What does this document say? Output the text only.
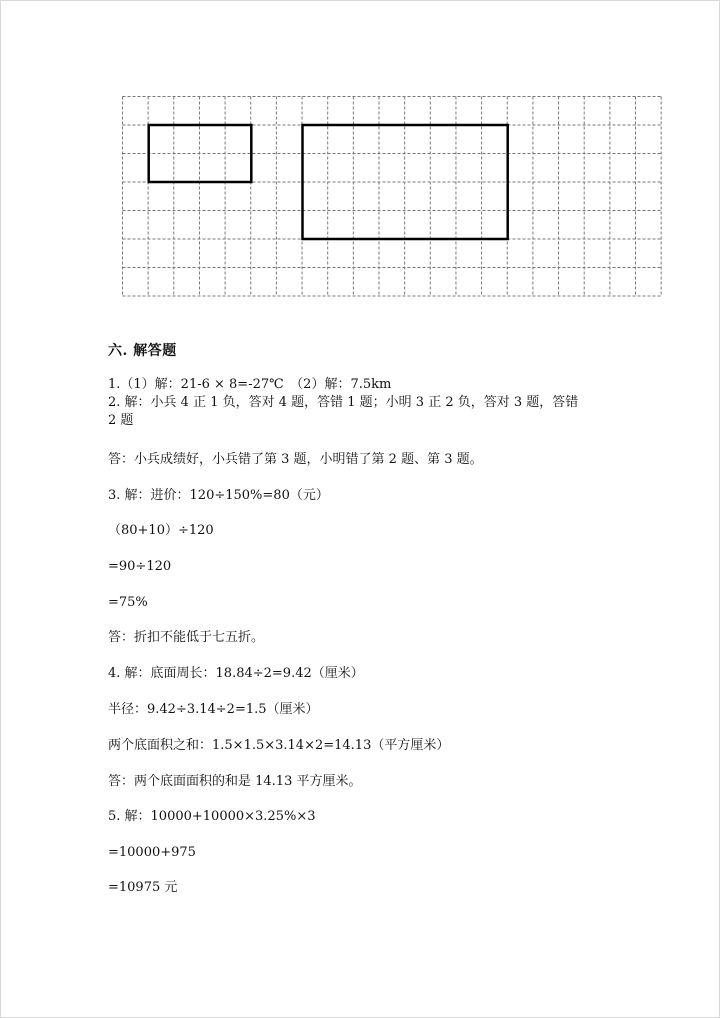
六. 解答题
1.（1）解：21-6 × 8=-27℃　（2）解：7.5km
2. 解：小兵 4 正 1 负，答对 4 题，答错 1 题；小明 3 正 2 负，答对 3 题，答错
2 题
答：小兵成绩好，小兵错了第 3 题，小明错了第 2 题、第 3 题。
3. 解：进价：120÷150%=80（元）
（80+10）÷120
=90÷120
=75%
答：折扣不能低于七五折。
4. 解：底面周长：18.84÷2=9.42（厘米）
半径：9.42÷3.14÷2=1.5（厘米）
两个底面积之和：1.5×1.5×3.14×2=14.13（平方厘米）
答：两个底面面积的和是 14.13 平方厘米。
5. 解：10000+10000×3.25%×3
=10000+975
=10975 元
